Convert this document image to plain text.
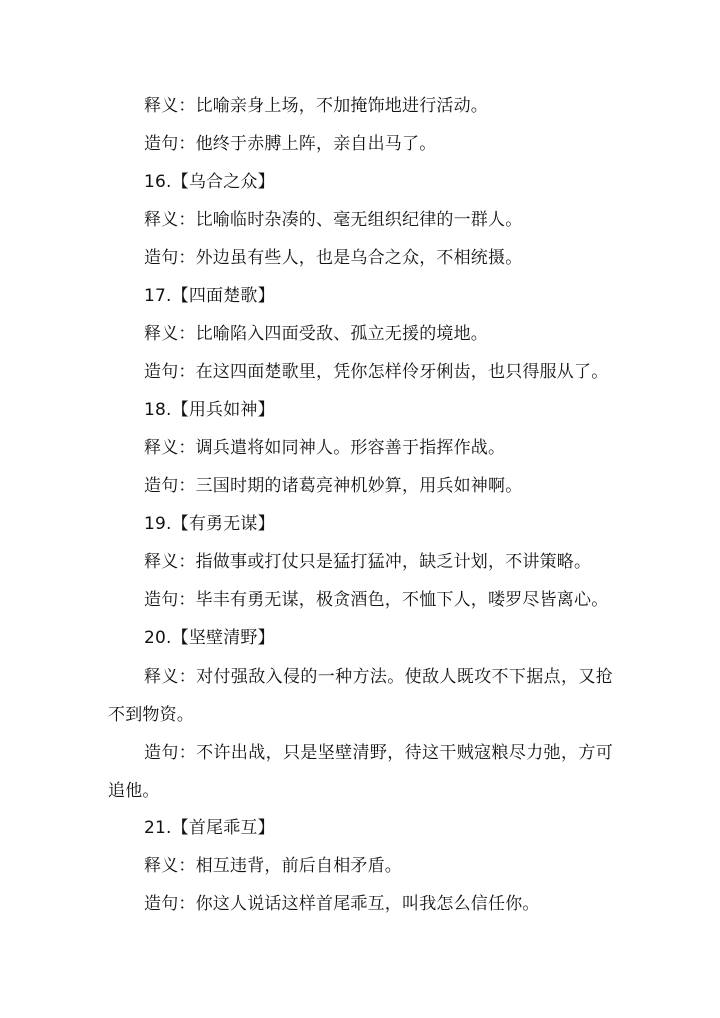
释义：比喻亲身上场，不加掩饰地进行活动。
造句：他终于赤膊上阵，亲自出马了。
16.【乌合之众】
释义：比喻临时杂凑的、毫无组织纪律的一群人。
造句：外边虽有些人，也是乌合之众，不相统摄。
17.【四面楚歌】
释义：比喻陷入四面受敌、孤立无援的境地。
造句：在这四面楚歌里，凭你怎样伶牙俐齿，也只得服从了。
18.【用兵如神】
释义：调兵遣将如同神人。形容善于指挥作战。
造句：三国时期的诸葛亮神机妙算，用兵如神啊。
19.【有勇无谋】
释义：指做事或打仗只是猛打猛冲，缺乏计划，不讲策略。
造句：毕丰有勇无谋，极贪酒色，不恤下人，喽罗尽皆离心。
20.【坚壁清野】
释义：对付强敌入侵的一种方法。使敌人既攻不下据点，又抢不到物资。
造句：不许出战，只是坚壁清野，待这干贼寇粮尽力弛，方可追他。
21.【首尾乖互】
释义：相互违背，前后自相矛盾。
造句：你这人说话这样首尾乖互，叫我怎么信任你。
